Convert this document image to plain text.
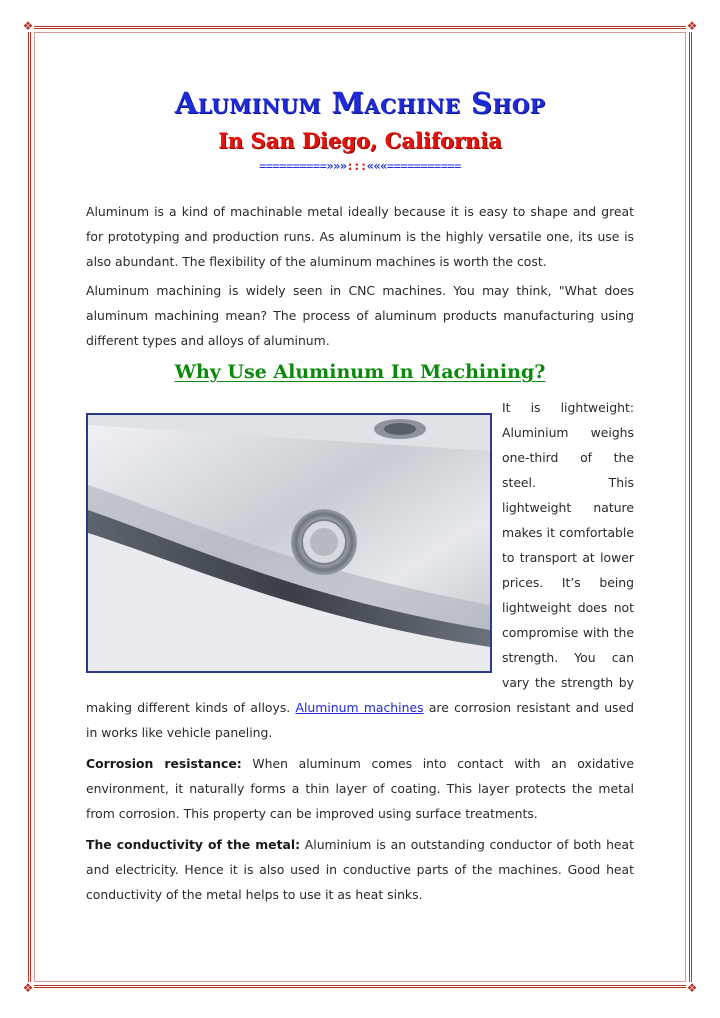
❖	❖
❖	❖
Aluminum Machine Shop
In San Diego, California
==========»»»:::«««===========

Aluminum is a kind of machinable metal ideally because it is easy to shape and great for prototyping and production runs. As aluminum is the highly versatile one, its use is also abundant. The flexibility of the aluminum machines is worth the cost.

Aluminum machining is widely seen in CNC machines. You may think, "What does aluminum machining mean? The process of aluminum products manufacturing using different types and alloys of aluminum.

Why Use Aluminum In Machining?

It is lightweight: Aluminium weighs one-third of the steel. This lightweight nature makes it comfortable to transport at lower prices. It’s being lightweight does not compromise with the strength. You can vary the strength by making different kinds of alloys. Aluminum machines are corrosion resistant and used in works like vehicle paneling.

Corrosion resistance: When aluminum comes into contact with an oxidative environment, it naturally forms a thin layer of coating. This layer protects the metal from corrosion. This property can be improved using surface treatments.

The conductivity of the metal: Aluminium is an outstanding conductor of both heat and electricity. Hence it is also used in conductive parts of the machines. Good heat conductivity of the metal helps to use it as heat sinks.
